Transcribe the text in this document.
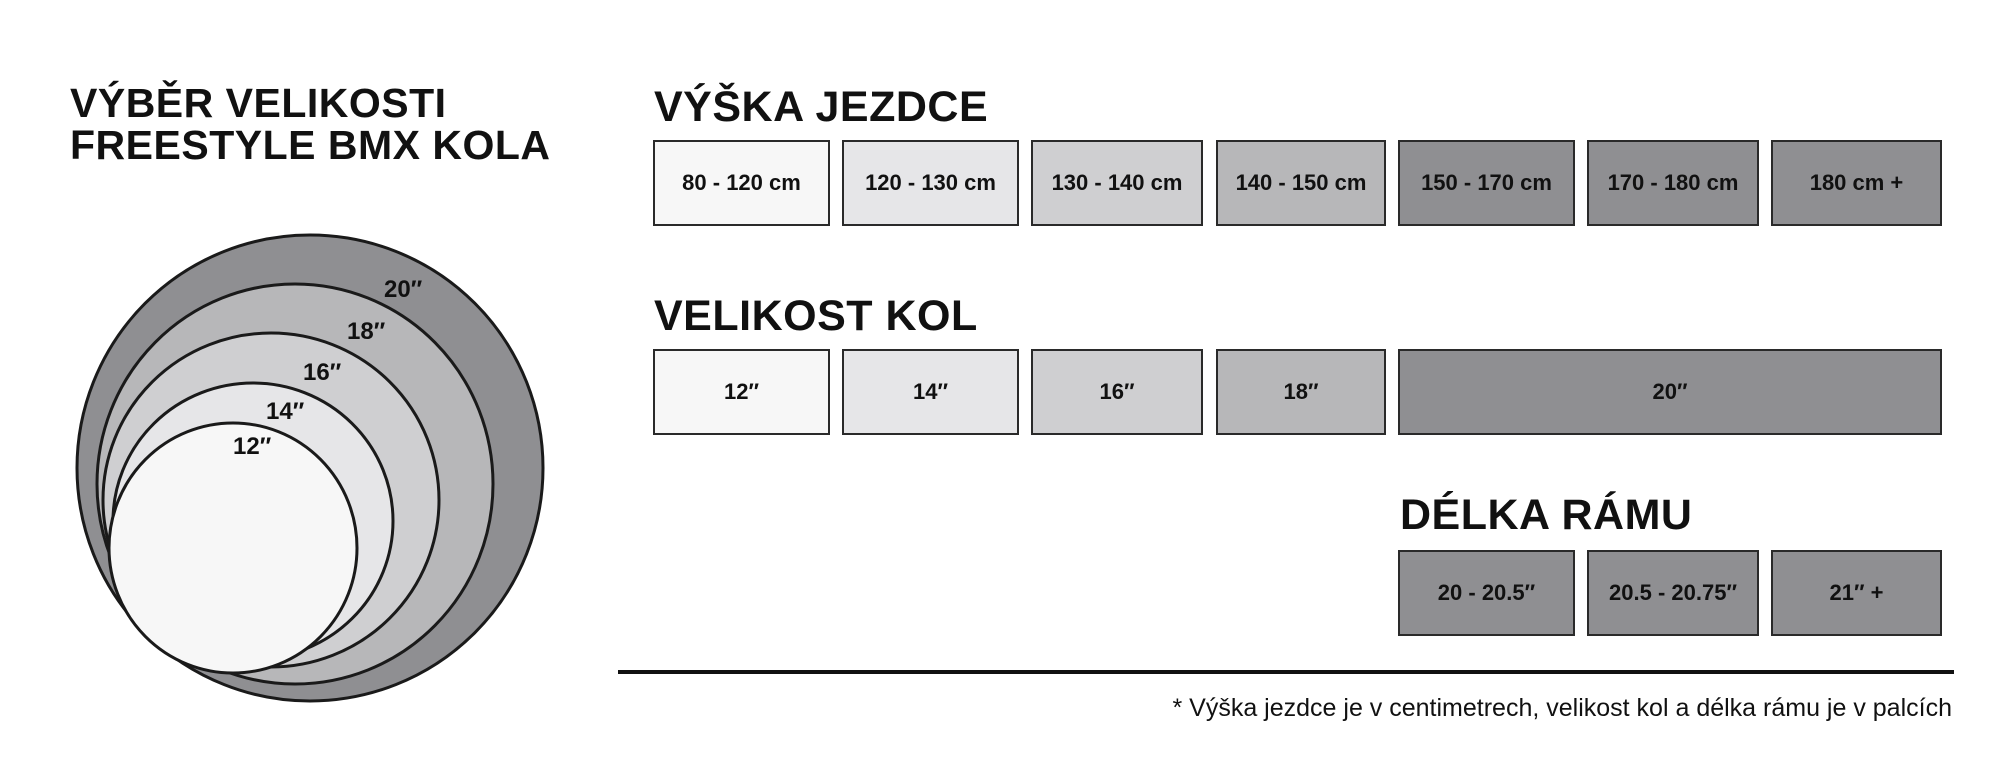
VÝBĚR VELIKOSTI
FREESTYLE BMX KOLA
20″
18″
16″
14″
12″
VÝŠKA JEZDCE
80 - 120 cm	120 - 130 cm	130 - 140 cm	140 - 150 cm	150 - 170 cm	170 - 180 cm	180 cm +
VELIKOST KOL
12″	14″	16″	18″	20″
DÉLKA RÁMU
20 - 20.5″	20.5 - 20.75″	21″ +
* Výška jezdce je v centimetrech, velikost kol a délka rámu je v palcích
